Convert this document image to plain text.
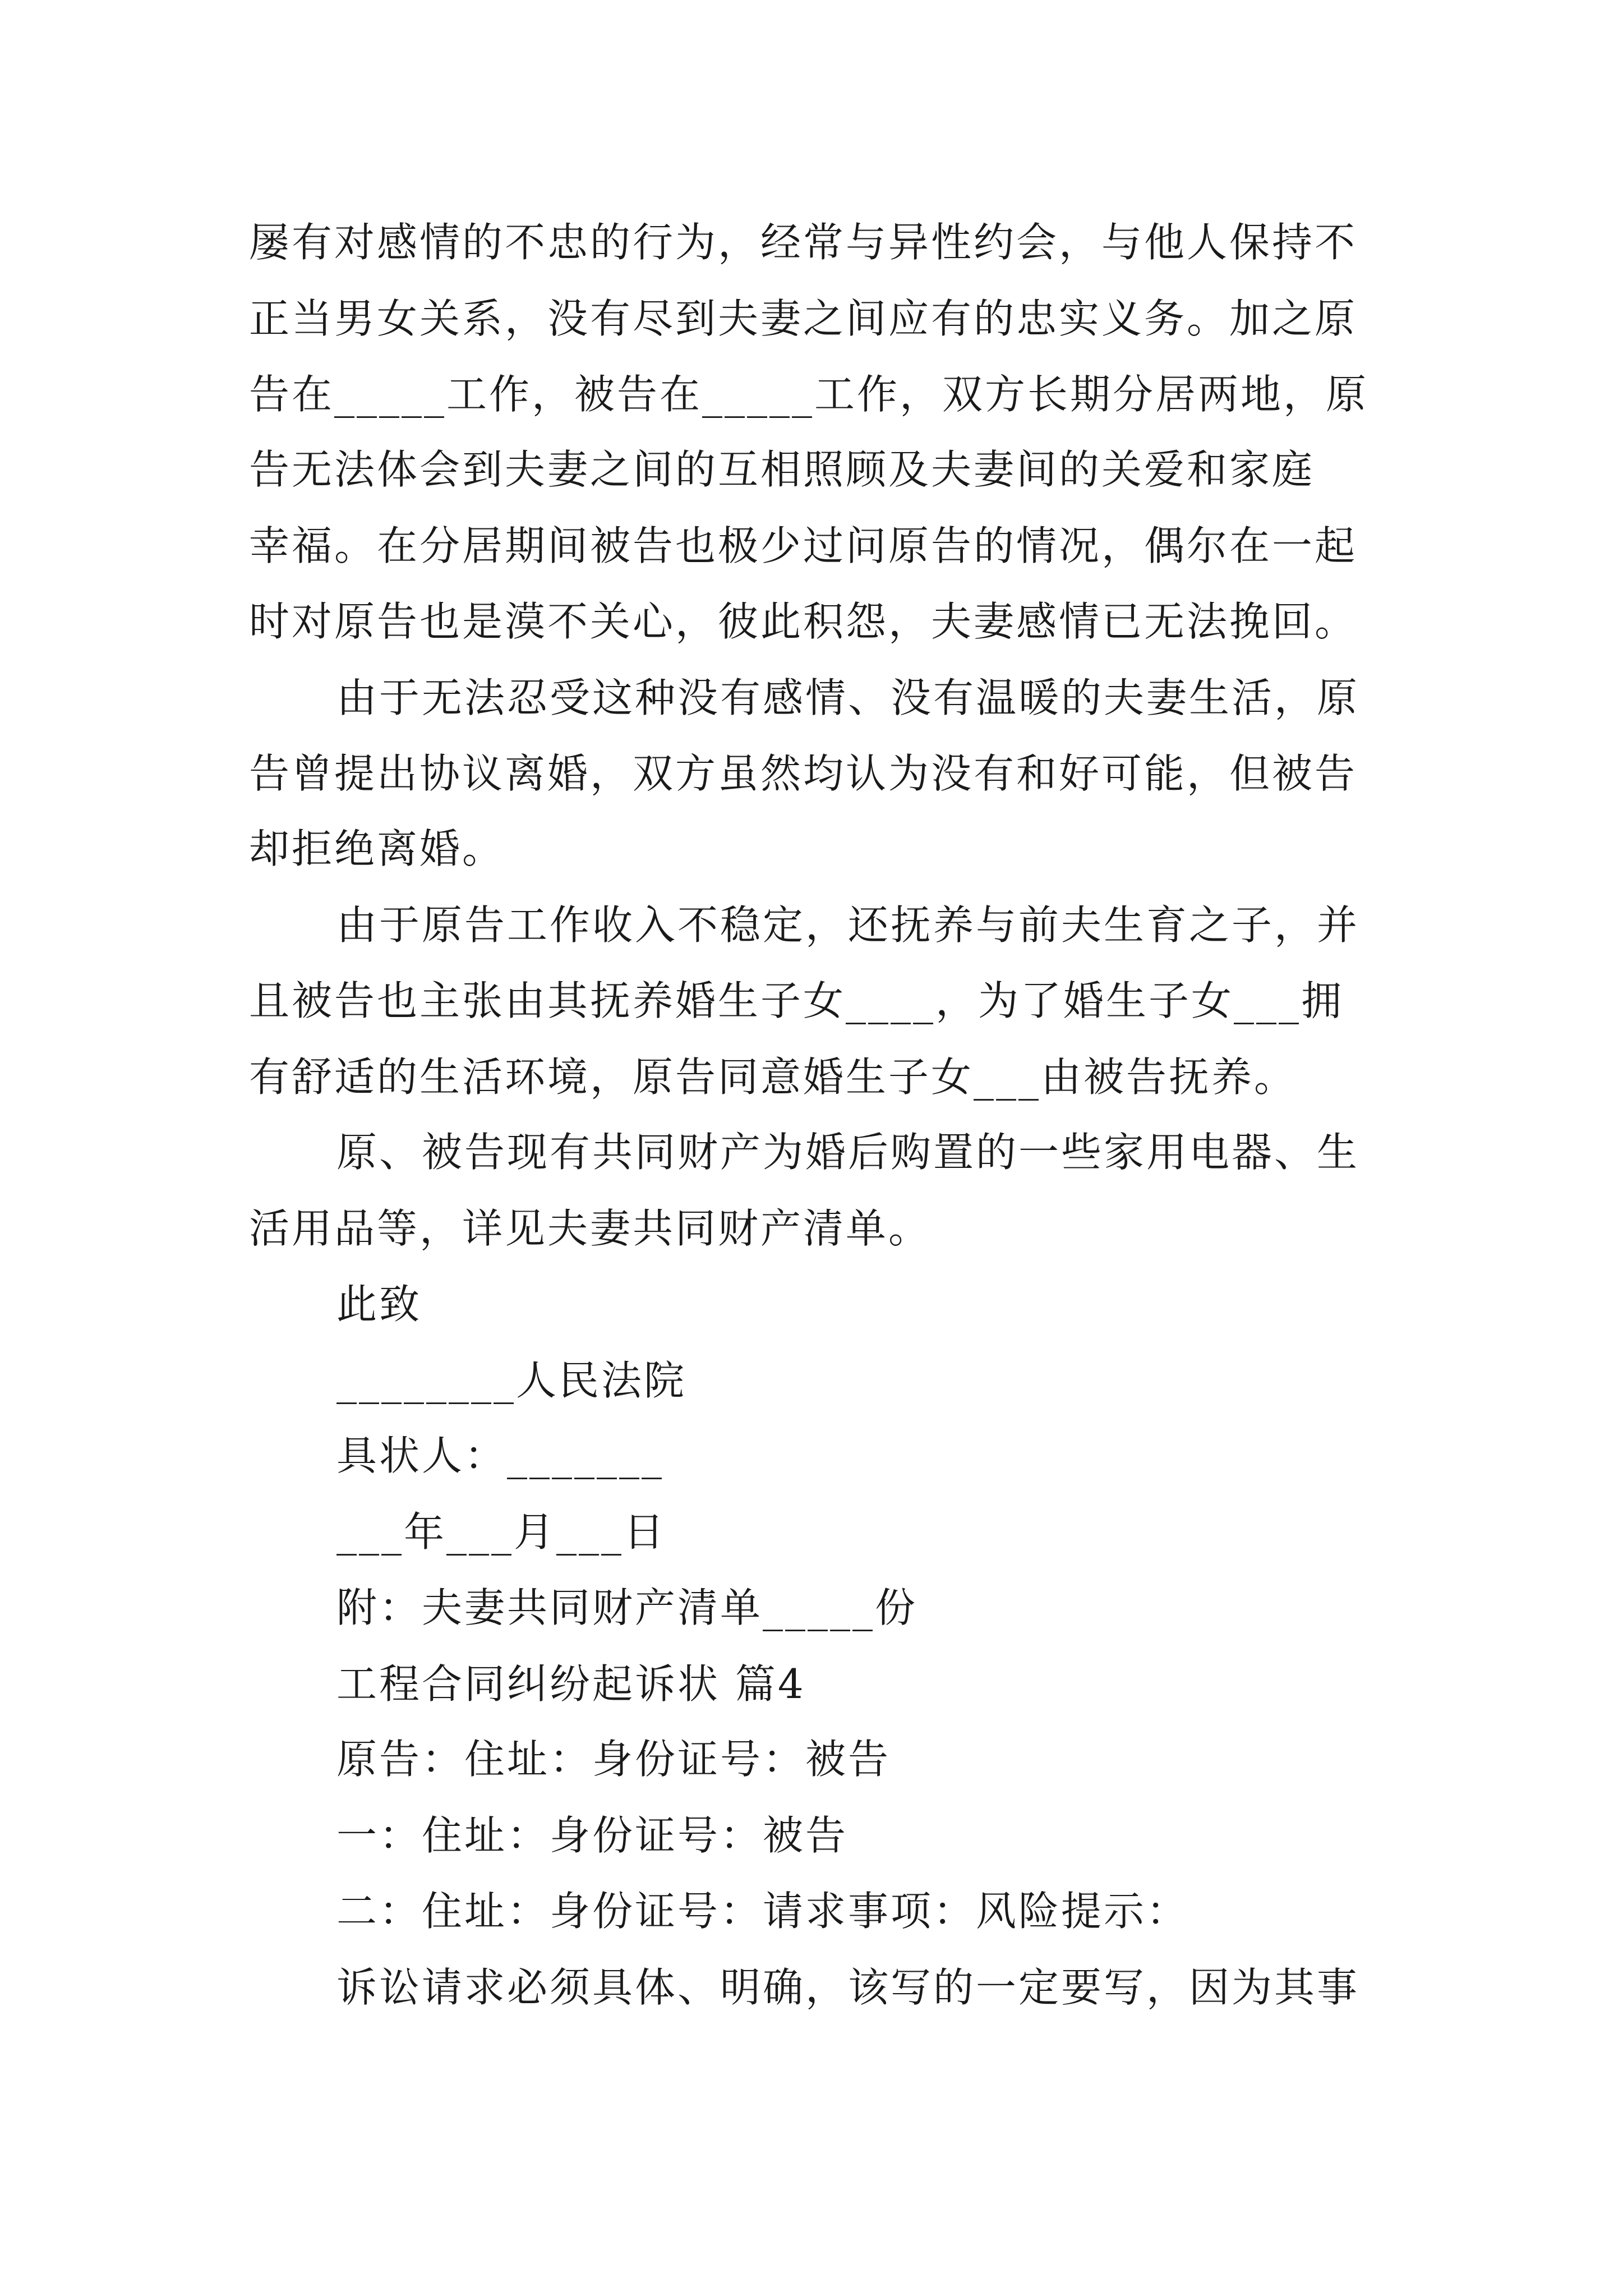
屡有对感情的不忠的行为，经常与异性约会，与他人保持不
正当男女关系，没有尽到夫妻之间应有的忠实义务。加之原
告在_____工作，被告在_____工作，双方长期分居两地，原
告无法体会到夫妻之间的互相照顾及夫妻间的关爱和家庭
幸福。在分居期间被告也极少过问原告的情况，偶尔在一起
时对原告也是漠不关心，彼此积怨，夫妻感情已无法挽回。
由于无法忍受这种没有感情、没有温暖的夫妻生活，原
告曾提出协议离婚，双方虽然均认为没有和好可能，但被告
却拒绝离婚。
由于原告工作收入不稳定，还抚养与前夫生育之子，并
且被告也主张由其抚养婚生子女____，为了婚生子女___拥
有舒适的生活环境，原告同意婚生子女___由被告抚养。
原、被告现有共同财产为婚后购置的一些家用电器、生
活用品等，详见夫妻共同财产清单。
此致
________人民法院
具状人：_______
___年___月___日
附：夫妻共同财产清单_____份
工程合同纠纷起诉状 篇4
原告：住址：身份证号：被告
一：住址：身份证号：被告
二：住址：身份证号：请求事项：风险提示：
诉讼请求必须具体、明确，该写的一定要写，因为其事
